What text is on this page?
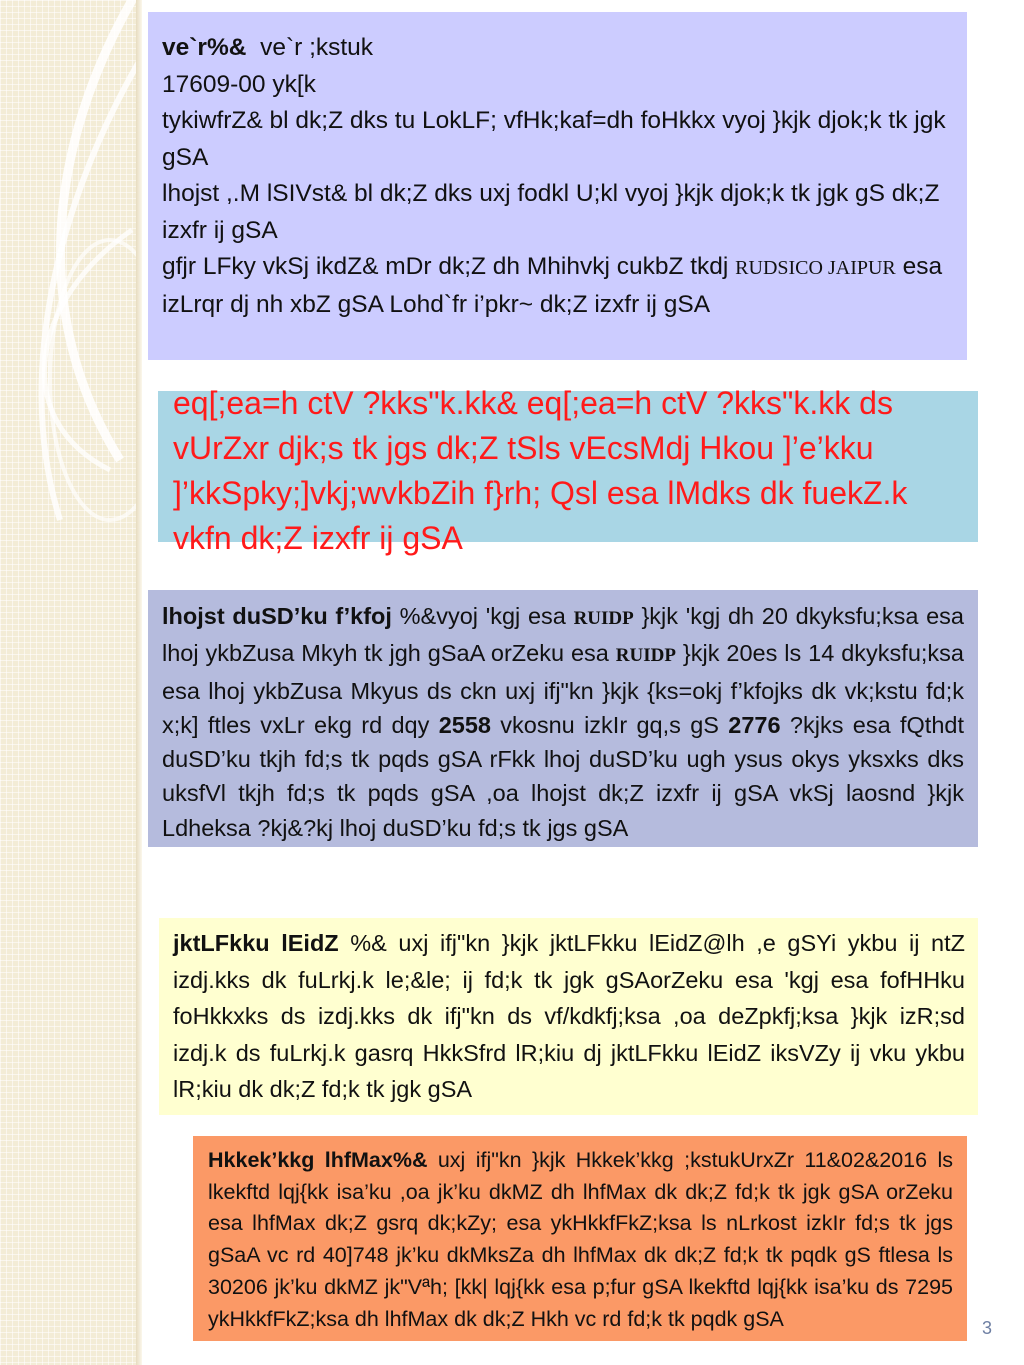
ve`r%& ve`r ;kstuk

17609-00 yk[k

tykiwfrZ& bl dk;Z dks tu LokLF; vfHk;kaf=dh foHkkx vyoj }kjk djok;k tk jgk gSA

lhojst ,.M lSIVst& bl dk;Z dks uxj fodkl U;kl vyoj }kjk djok;k tk jgk gS dk;Z izxfr ij gSA

gfjr LFky vkSj ikdZ& mDr dk;Z dh Mhihvkj cukbZ tkdj RUDSICO JAIPUR esa izLrqr dj nh xbZ gSA Lohd`fr i’pkr~ dk;Z izxfr ij gSA

eq[;ea=h ctV ?kks"k.kk& eq[;ea=h ctV ?kks"k.kk ds vUrZxr djk;s tk jgs dk;Z tSls vEcsMdj Hkou ]’e’kku ]’kkSpky;]vkj;wvkbZih f}rh; Qsl esa lMdks dk fuekZ.k vkfn dk;Z izxfr ij gSA

lhojst duSD’ku f’kfoj %&vyoj 'kgj esa RUIDP }kjk 'kgj dh 20 dkyksfu;ksa esa lhoj ykbZusa Mkyh tk jgh gSaA orZeku esa RUIDP }kjk 20es ls 14 dkyksfu;ksa esa lhoj ykbZusa Mkyus ds ckn uxj ifj"kn }kjk {ks=okj f’kfojks dk vk;kstu fd;k x;k] ftles vxLr ekg rd dqy 2558 vkosnu izkIr gq,s gS 2776 ?kjks esa fQthdt duSD’ku tkjh fd;s tk pqds gSA rFkk lhoj duSD’ku ugh ysus okys yksxks dks uksfVl tkjh fd;s tk pqds gSA ,oa lhojst dk;Z izxfr ij gSA vkSj laosnd }kjk Ldheksa ?kj&?kj lhoj duSD’ku fd;s tk jgs gSA

jktLFkku lEidZ %& uxj ifj"kn }kjk jktLFkku lEidZ@lh ,e gSYi ykbu ij ntZ izdj.kks dk fuLrkj.k le;&le; ij fd;k tk jgk gSAorZeku esa 'kgj esa fofHHku foHkkxks ds izdj.kks dk ifj"kn ds vf/kdkfj;ksa ,oa deZpkfj;ksa }kjk izR;sd izdj.k ds fuLrkj.k gasrq HkkSfrd lR;kiu dj jktLFkku lEidZ iksVZy ij vku ykbu lR;kiu dk dk;Z fd;k tk jgk gSA

Hkkek’kkg lhfMax%& uxj ifj"kn }kjk Hkkek’kkg ;kstukUrxZr 11&02&2016 ls lkekftd lqj{kk isa’ku ,oa jk’ku dkMZ dh lhfMax dk dk;Z fd;k tk jgk gSA orZeku esa lhfMax dk;Z gsrq dk;kZy; esa ykHkkfFkZ;ksa ls nLrkost izkIr fd;s tk jgs gSaA vc rd 40]748 jk’ku dkMksZa dh lhfMax dk dk;Z fd;k tk pqdk gS ftlesa ls 30206 jk’ku dkMZ jk"Vªh; [kk| lqj{kk esa p;fur gSA lkekftd lqj{kk isa’ku ds 7295 ykHkkfFkZ;ksa dh lhfMax dk dk;Z Hkh vc rd fd;k tk pqdk gSA	3
